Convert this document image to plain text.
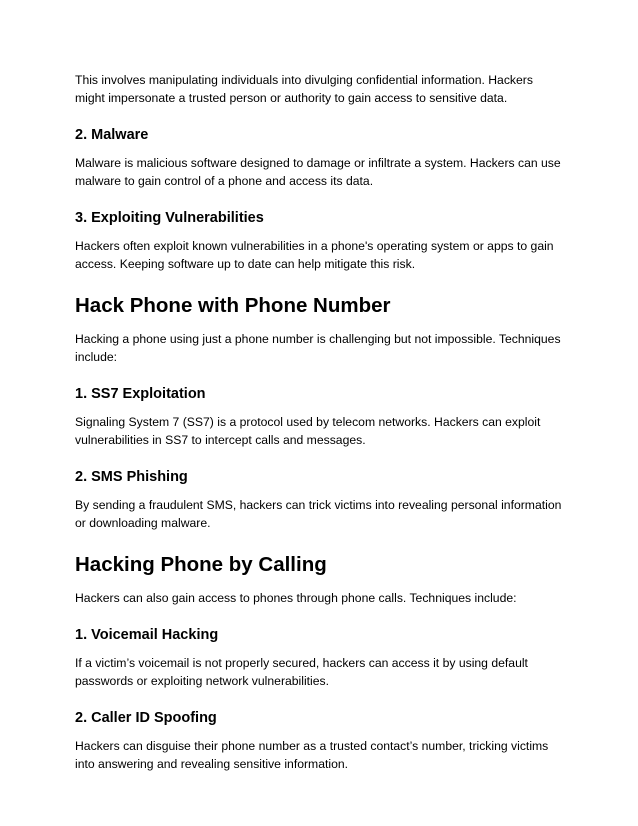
This involves manipulating individuals into divulging confidential information. Hackers might impersonate a trusted person or authority to gain access to sensitive data.

2. Malware

Malware is malicious software designed to damage or infiltrate a system. Hackers can use malware to gain control of a phone and access its data.

3. Exploiting Vulnerabilities

Hackers often exploit known vulnerabilities in a phone's operating system or apps to gain access. Keeping software up to date can help mitigate this risk.

Hack Phone with Phone Number

Hacking a phone using just a phone number is challenging but not impossible. Techniques include:

1. SS7 Exploitation

Signaling System 7 (SS7) is a protocol used by telecom networks. Hackers can exploit vulnerabilities in SS7 to intercept calls and messages.

2. SMS Phishing

By sending a fraudulent SMS, hackers can trick victims into revealing personal information or downloading malware.

Hacking Phone by Calling

Hackers can also gain access to phones through phone calls. Techniques include:

1. Voicemail Hacking

If a victim’s voicemail is not properly secured, hackers can access it by using default passwords or exploiting network vulnerabilities.

2. Caller ID Spoofing

Hackers can disguise their phone number as a trusted contact’s number, tricking victims into answering and revealing sensitive information.
